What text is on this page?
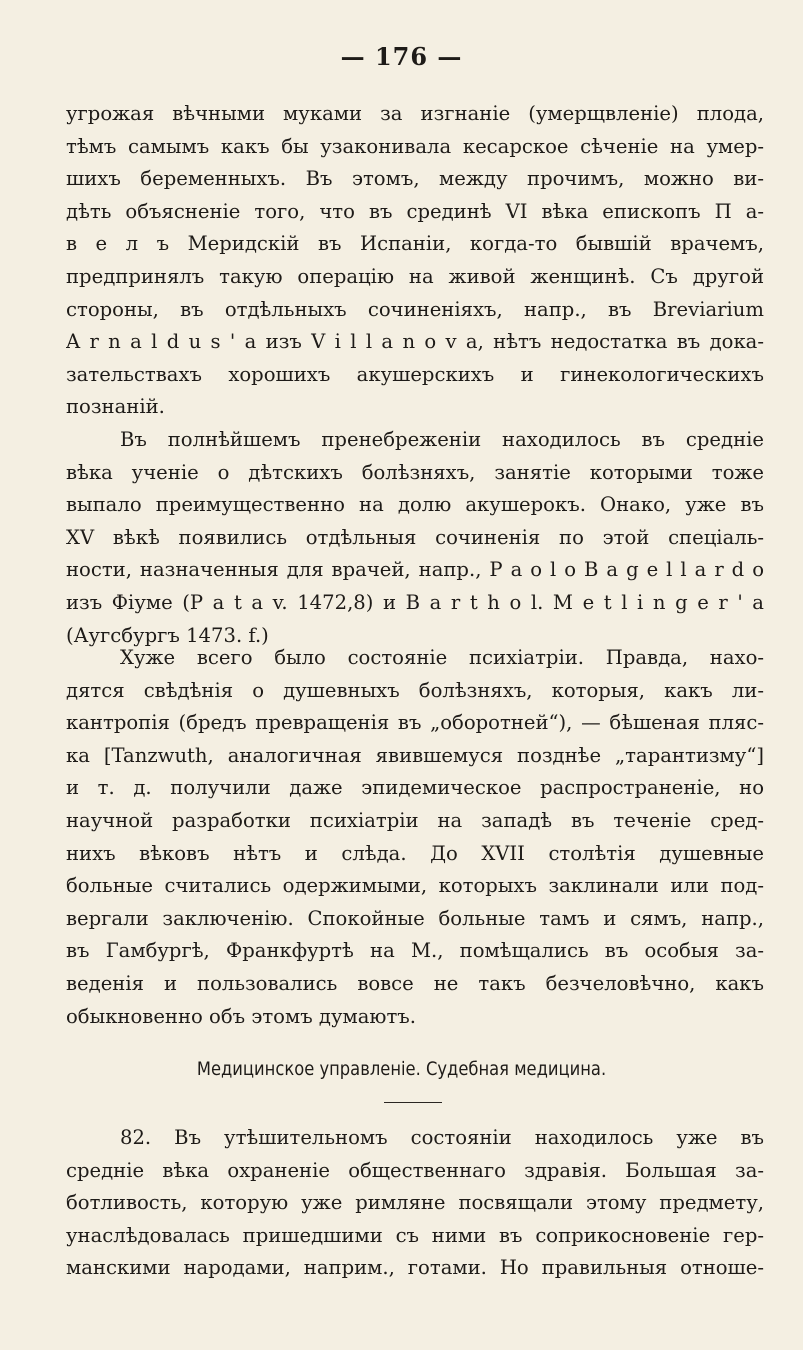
— 176 —
угрожая вѣчными муками за изгнаніе (умерщвленіе) плода,
тѣмъ самымъ какъ бы узаконивала кесарское сѣченіе на умер-
шихъ беременныхъ. Въ этомъ, между прочимъ, можно ви-
дѣть объясненіе того, что въ срединѣ VI вѣка епископъ П а-
в е л ъ Меридскій въ Испаніи, когда-то бывшій врачемъ,
предпринялъ такую операцію на живой женщинѣ. Съ другой
стороны, въ отдѣльныхъ сочиненіяхъ, напр., въ Breviarium
A r n a l d u s ' a изъ V i l l a n o v a, нѣтъ недостатка въ дока-
зательствахъ хорошихъ акушерскихъ и гинекологическихъ
познаній.
Въ полнѣйшемъ пренебреженіи находилось въ средніе
вѣка ученіе о дѣтскихъ болѣзняхъ, занятіе которыми тоже
выпало преимущественно на долю акушерокъ. Онако, уже въ
XV вѣкѣ появились отдѣльныя сочиненія по этой спеціаль-
ности, назначенныя для врачей, напр., P a o l o B a g e l l a r d o
изъ Фіуме (P a t a v. 1472,8) и B a r t h o l. M e t l i n g e r ' a
(Аугсбургъ 1473. f.)
Хуже всего было состояніе психіатріи. Правда, нахо-
дятся свѣдѣнія о душевныхъ болѣзняхъ, которыя, какъ ли-
кантропія (бредъ превращенія въ „оборотней“), — бѣшеная пляс-
ка [Tanzwuth, аналогичная явившемуся позднѣе „тарантизму“]
и т. д. получили даже эпидемическое распространеніе, но
научной разработки психіатріи на западѣ въ теченіе сред-
нихъ вѣковъ нѣтъ и слѣда. До XVII столѣтія душевные
больные считались одержимыми, которыхъ заклинали или под-
вергали заключенію. Спокойные больные тамъ и сямъ, напр.,
въ Гамбургѣ, Франкфуртѣ на М., помѣщались въ особыя за-
веденія и пользовались вовсе не такъ безчеловѣчно, какъ
обыкновенно объ этомъ думаютъ.
Медицинское управленіе. Судебная медицина.
82. Въ утѣшительномъ состояніи находилось уже въ
средніе вѣка охраненіе общественнаго здравія. Большая за-
ботливость, которую уже римляне посвящали этому предмету,
унаслѣдовалась пришедшими съ ними въ соприкосновеніе гер-
манскими народами, наприм., готами. Но правильныя отноше-
